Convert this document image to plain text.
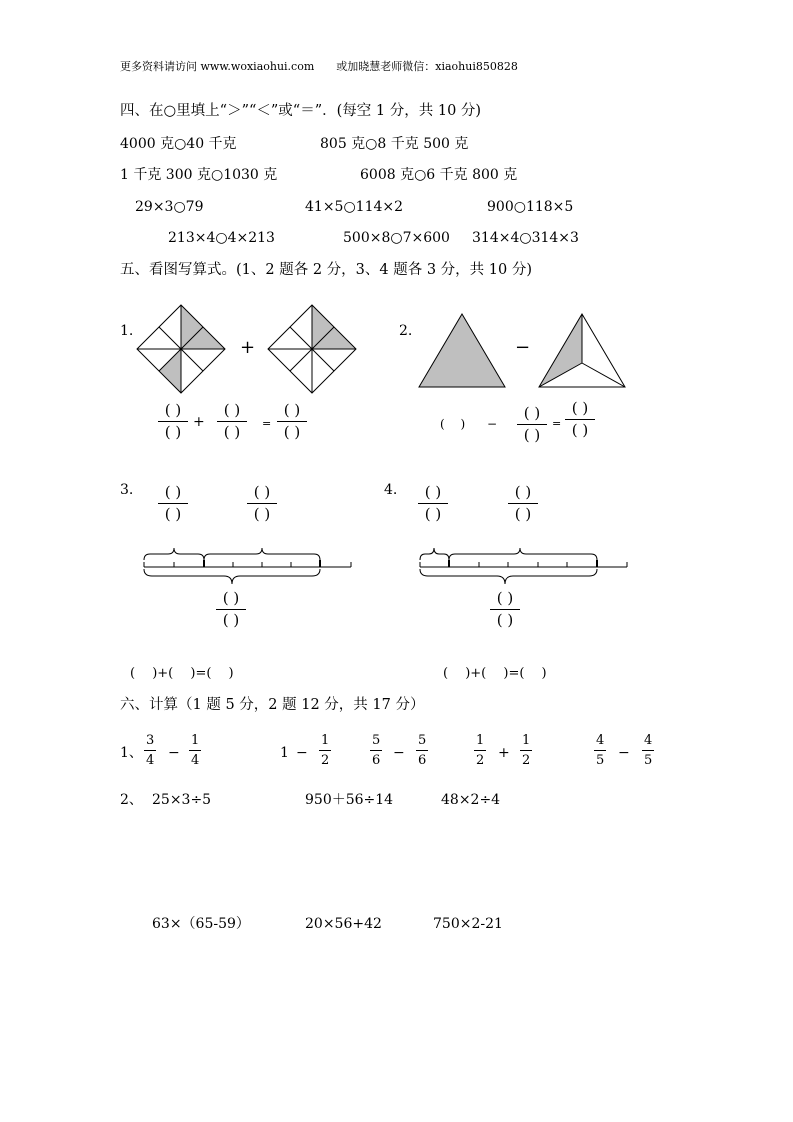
更多资料请访问 www.woxiaohui.com　　或加晓慧老师微信：xiaohui850828
四、在○里填上“＞”“＜”或“＝”．(每空 1 分，共 10 分)
4000 克○40 千克	805 克○8 千克 500 克
1 千克 300 克○1030 克	6008 克○6 千克 800 克
29×3○79	41×5○114×2	900○118×5
213×4○4×213	500×8○7×600 314×4○314×3
五、看图写算式。(1、2 题各 2 分，3、4 题各 3 分，共 10 分)
1.
+
( )
( )
+
( )
( ) =
( )
( )
2.
−
(　 ) −
( )
( )
=
( )
( )
3. ( )
( )
( )
( )
( )
( )
(　 )+(　 )=(　 )
4. ( )
( )
( )
( )
( )
( )
(　 )+(　 )=(　 )
六、计算（1 题 5 分，2 题 12 分，共 17 分）
1、
3
4 −
1
4	1 −
1
2
5
6 −
5
6
1
2 +
1
2
4
5 −
4
5
2、 25×3÷5	950＋56÷14	48×2÷4
63×（65-59）	20×56+42	750×2-21
